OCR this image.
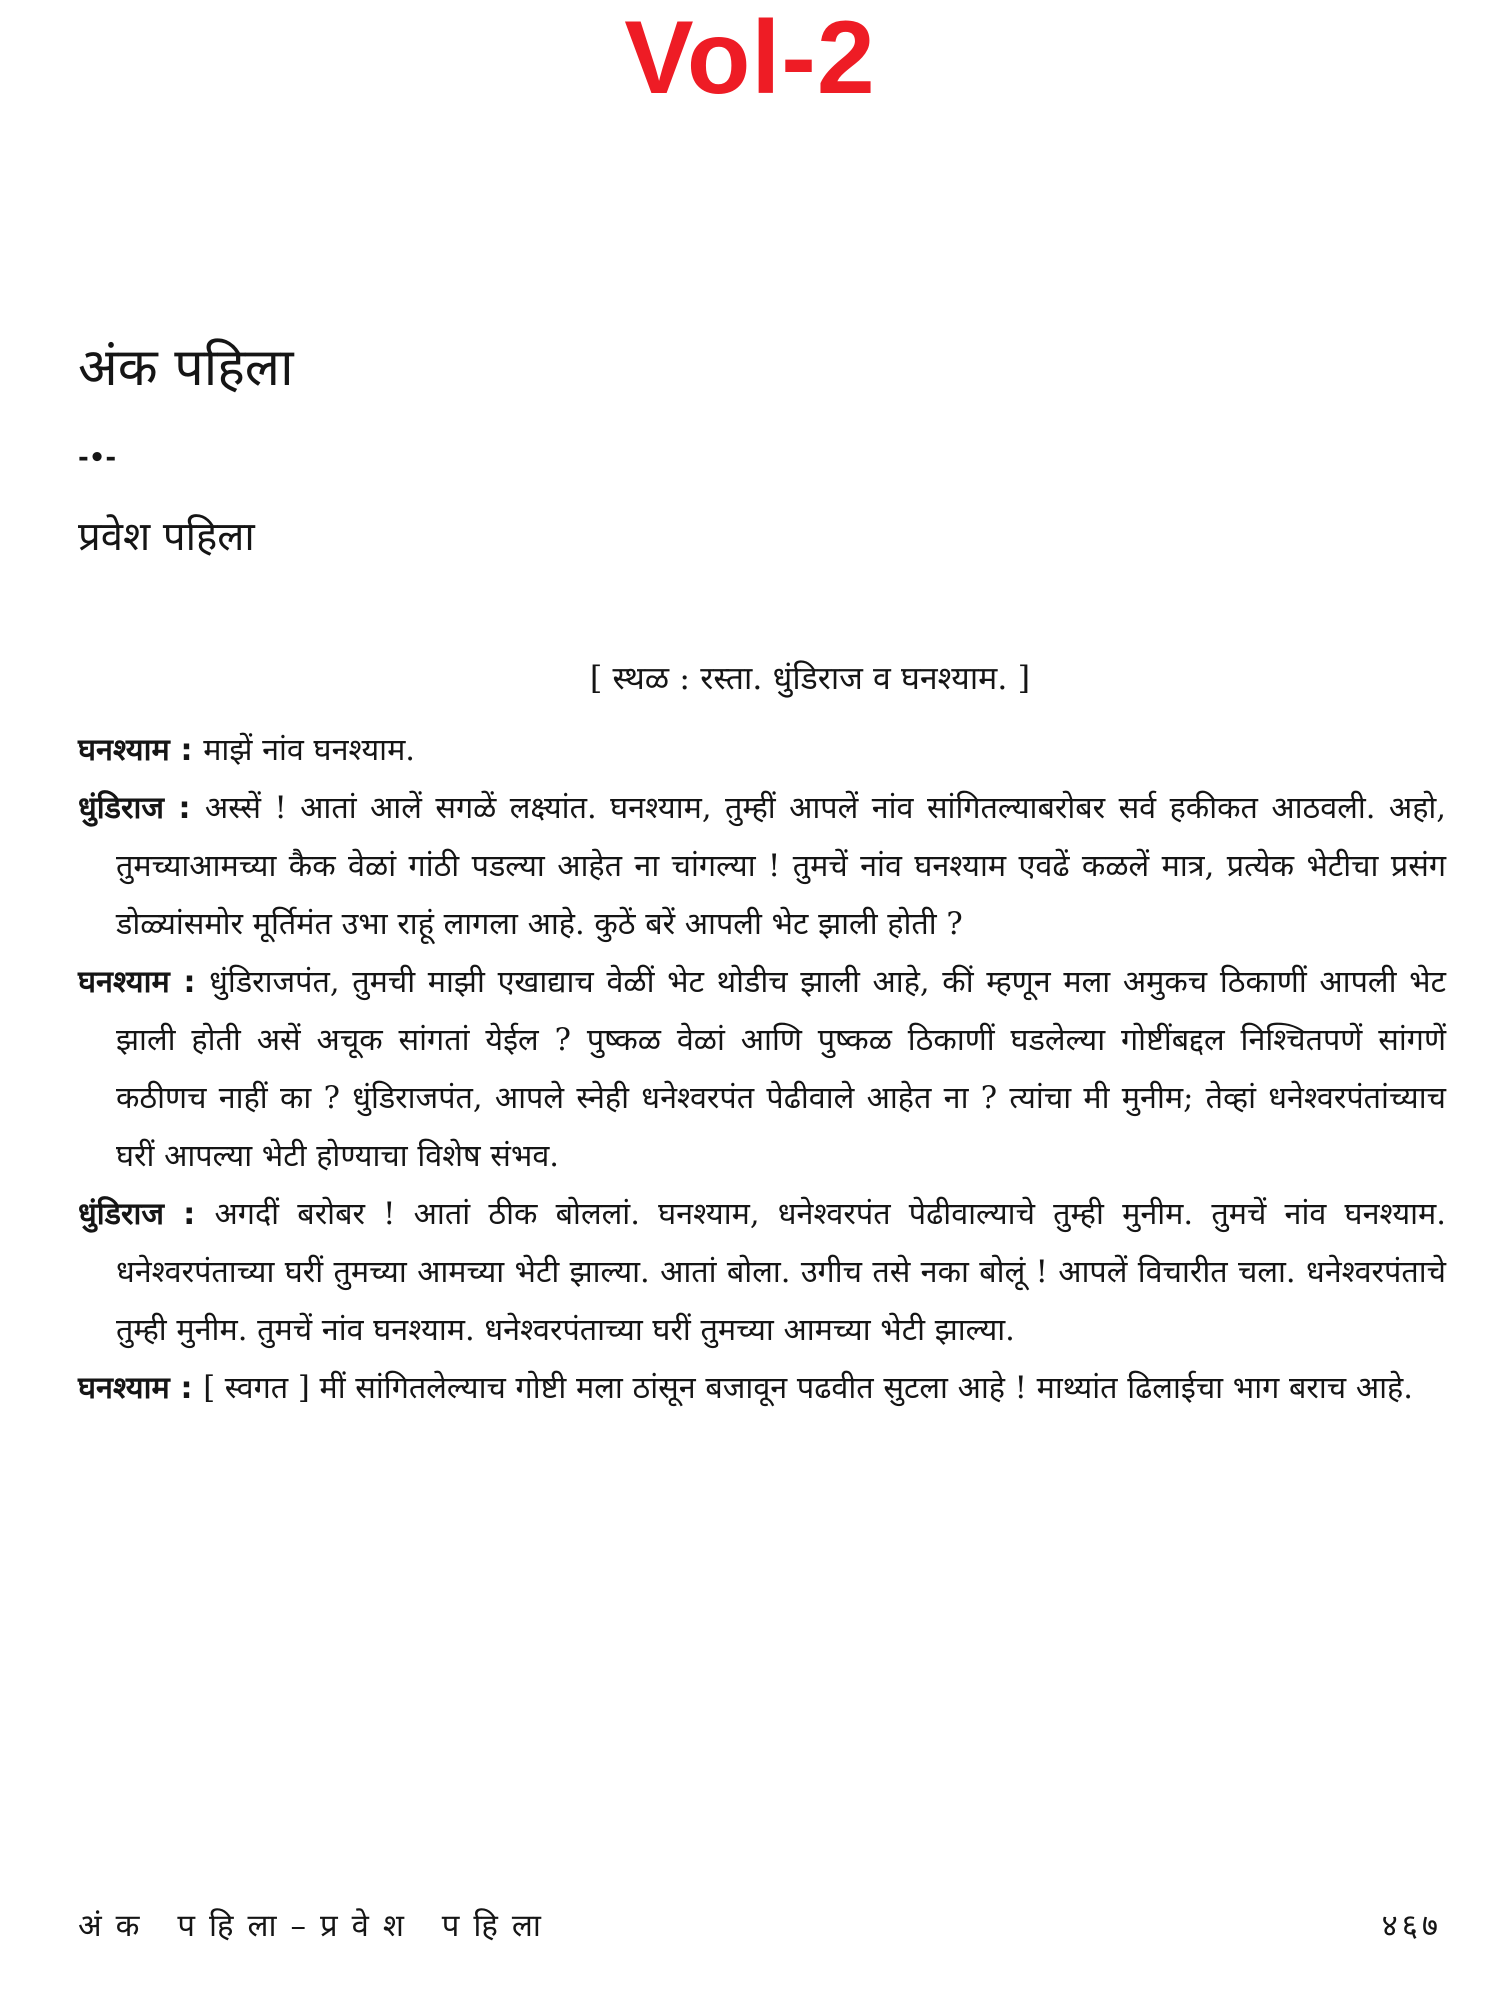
Vol-2
अंक पहिला
-•-
प्रवेश पहिला
[ स्थळ : रस्ता. धुंडिराज व घनश्याम. ]

घनश्याम : माझें नांव घनश्याम.

धुंडिराज : अस्सें ! आतां आलें सगळें लक्ष्यांत. घनश्याम, तुम्हीं आपलें नांव सांगितल्याबरोबर सर्व हकीकत आठवली. अहो, तुमच्याआमच्या कैक वेळां गांठी पडल्या आहेत ना चांगल्या ! तुमचें नांव घनश्याम एवढें कळलें मात्र, प्रत्येक भेटीचा प्रसंग डोळ्यांसमोर मूर्तिमंत उभा राहूं लागला आहे. कुठें बरें आपली भेट झाली होती ?

घनश्याम : धुंडिराजपंत, तुमची माझी एखाद्याच वेळीं भेट थोडीच झाली आहे, कीं म्हणून मला अमुकच ठिकाणीं आपली भेट झाली होती असें अचूक सांगतां येईल ? पुष्कळ वेळां आणि पुष्कळ ठिकाणीं घडलेल्या गोष्टींबद्दल निश्चितपणें सांगणें कठीणच नाहीं का ? धुंडिराजपंत, आपले स्नेही धनेश्वरपंत पेढीवाले आहेत ना ? त्यांचा मी मुनीम; तेव्हां धनेश्वरपंतांच्याच घरीं आपल्या भेटी होण्याचा विशेष संभव.

धुंडिराज : अगदीं बरोबर ! आतां ठीक बोललां. घनश्याम, धनेश्वरपंत पेढीवाल्याचे तुम्ही मुनीम. तुमचें नांव घनश्याम. धनेश्वरपंताच्या घरीं तुमच्या आमच्या भेटी झाल्या. आतां बोला. उगीच तसे नका बोलूं ! आपलें विचारीत चला. धनेश्वरपंताचे तुम्ही मुनीम. तुमचें नांव घनश्याम. धनेश्वरपंताच्या घरीं तुमच्या आमच्या भेटी झाल्या.

घनश्याम : [ स्वगत ] मीं सांगितलेल्याच गोष्टी मला ठांसून बजावून पढवीत सुटला आहे ! माथ्यांत ढिलाईचा भाग बराच आहे.

अंक पहिला–प्रवेश पहिला	४६७
